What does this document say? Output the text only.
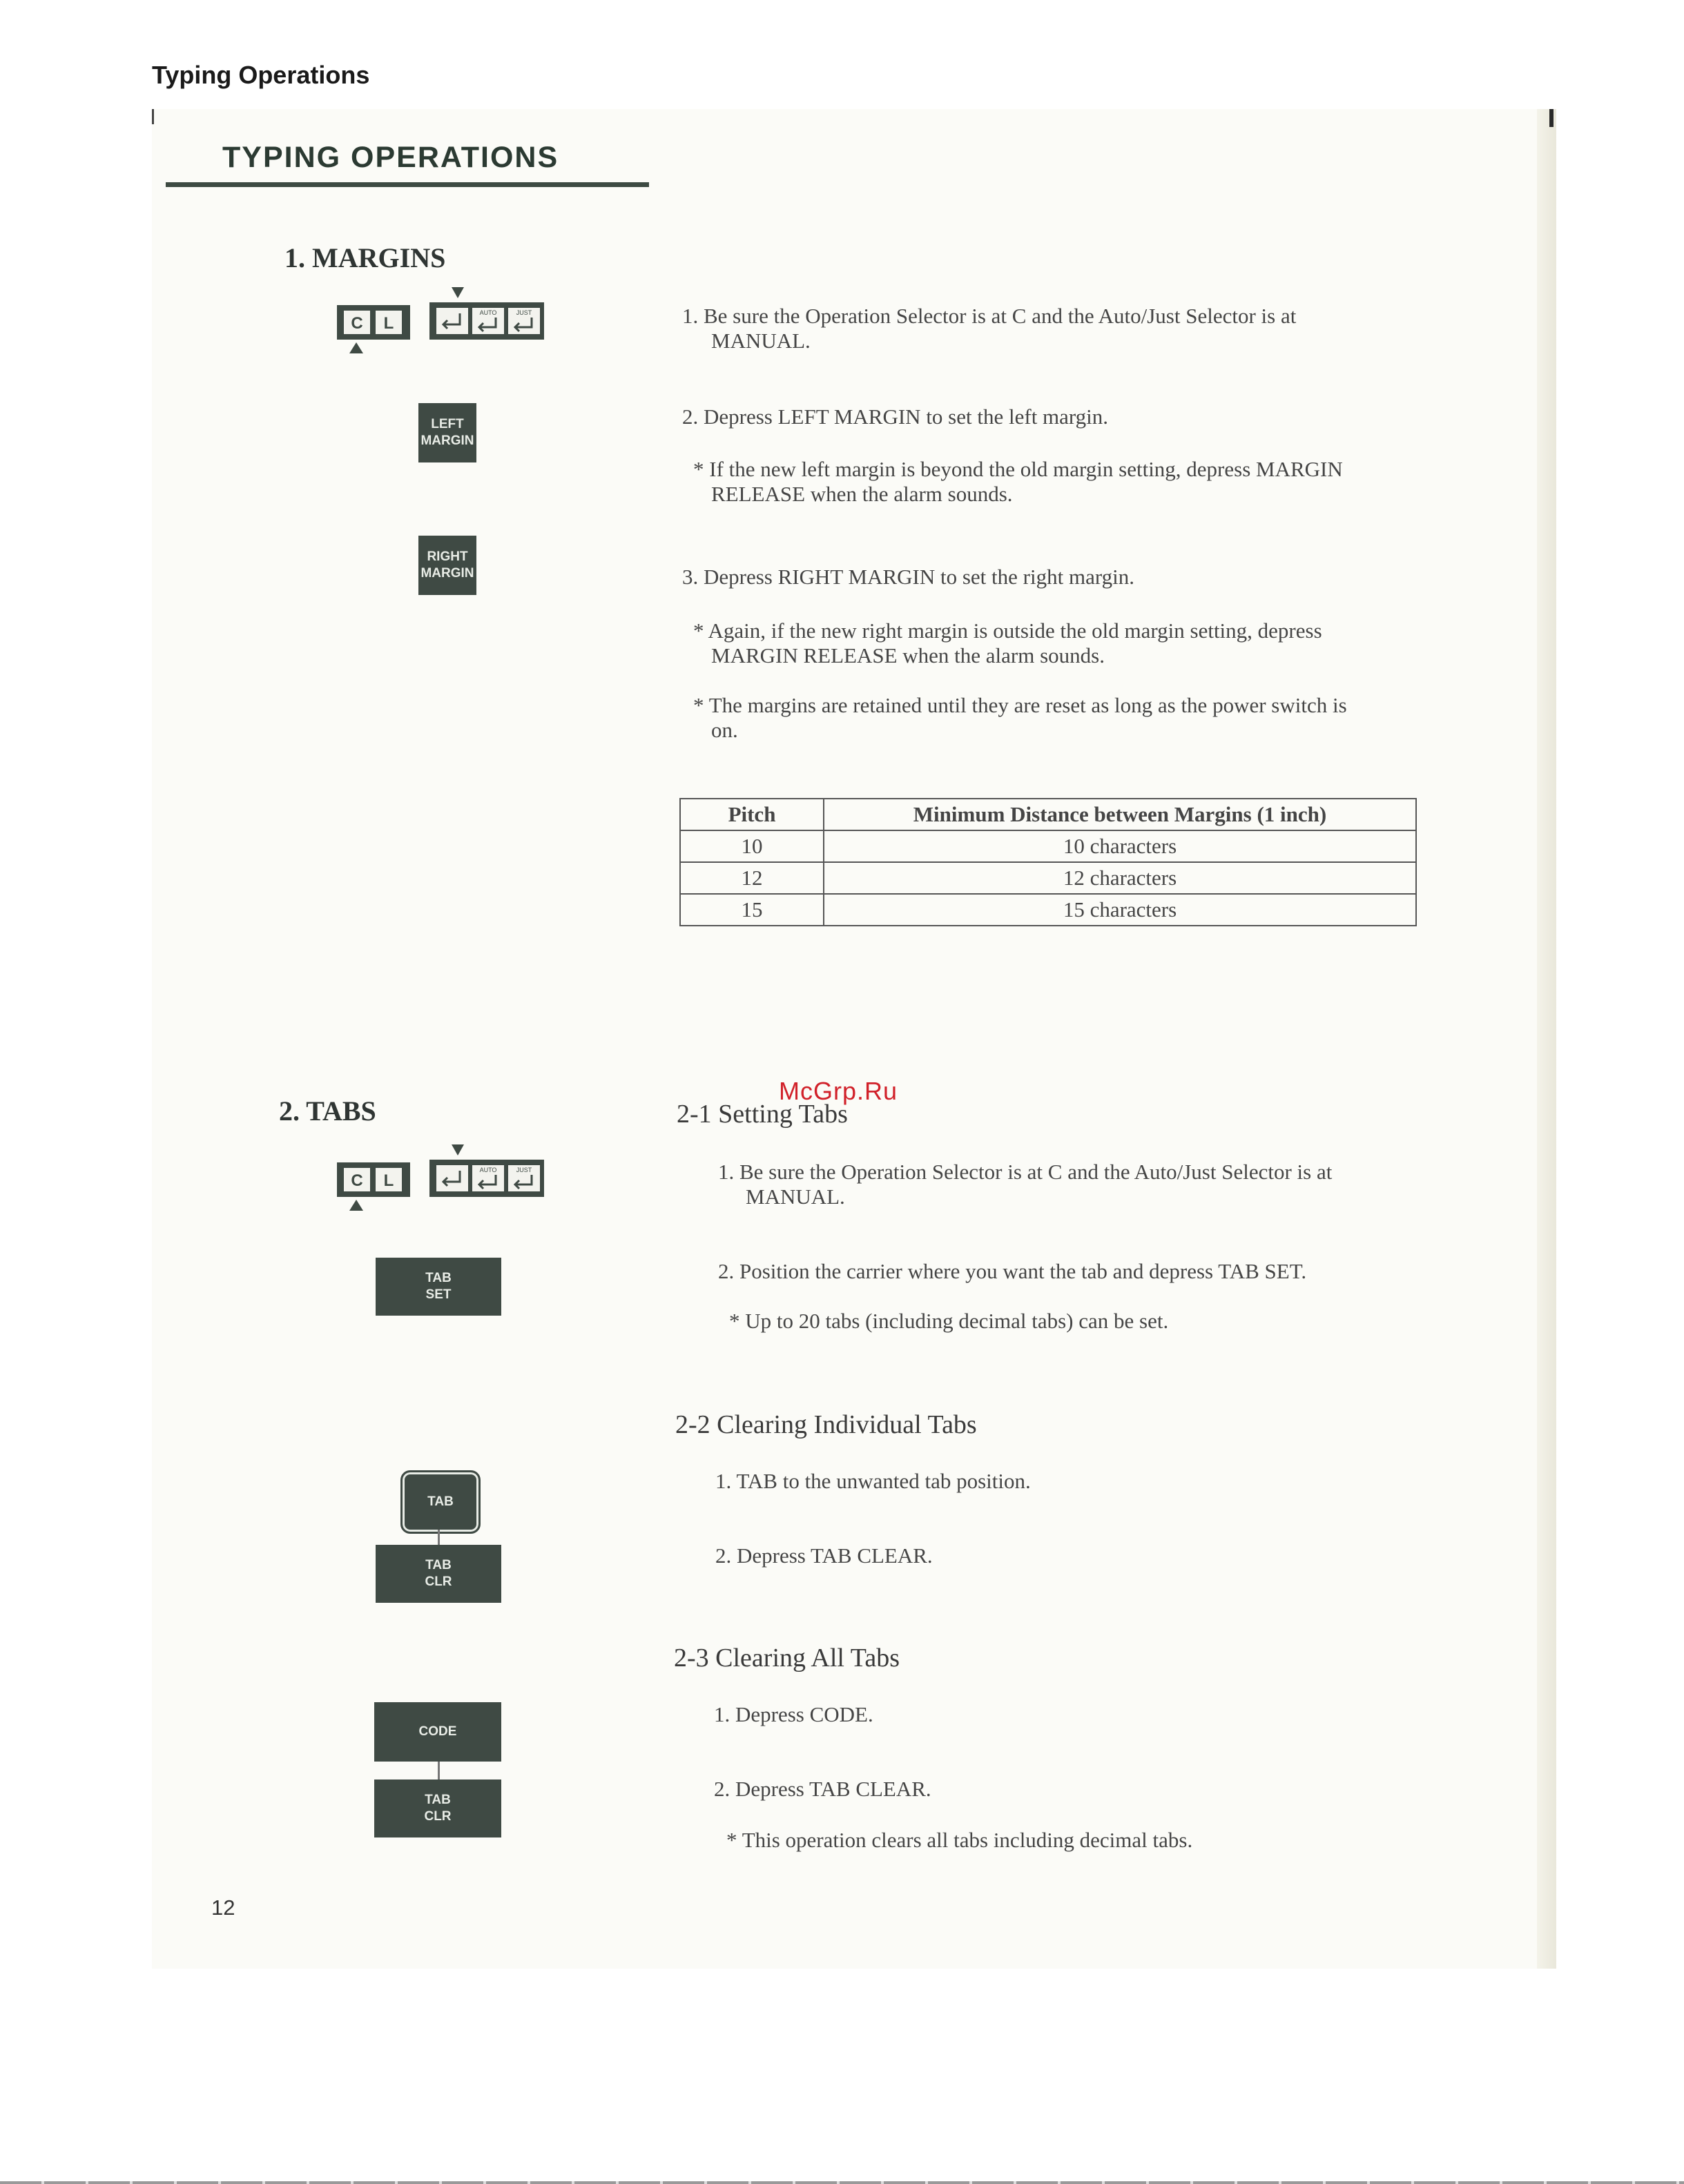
Typing Operations
TYPING OPERATIONS
1. MARGINS
C L
AUTO	JUST
LEFT
MARGIN
RIGHT
MARGIN
1. Be sure the Operation Selector is at C and the Auto/Just Selector is at
MANUAL.
2. Depress LEFT MARGIN to set the left margin.
* If the new left margin is beyond the old margin setting, depress MARGIN
RELEASE when the alarm sounds.
3. Depress RIGHT MARGIN to set the right margin.
* Again, if the new right margin is outside the old margin setting, depress
MARGIN RELEASE when the alarm sounds.
* The margins are retained until they are reset as long as the power switch is
on.
Pitch	Minimum Distance between Margins (1 inch)
10	10 characters
12	12 characters
15	15 characters
McGrp.Ru
2. TABS
C L
AUTO	JUST
TAB
SET
TAB
TAB
CLR
CODE
TAB
CLR
2-1 Setting Tabs
1. Be sure the Operation Selector is at C and the Auto/Just Selector is at
MANUAL.
2. Position the carrier where you want the tab and depress TAB SET.
* Up to 20 tabs (including decimal tabs) can be set.
2-2 Clearing Individual Tabs
1. TAB to the unwanted tab position.
2. Depress TAB CLEAR.
2-3 Clearing All Tabs
1. Depress CODE.
2. Depress TAB CLEAR.
* This operation clears all tabs including decimal tabs.
12
